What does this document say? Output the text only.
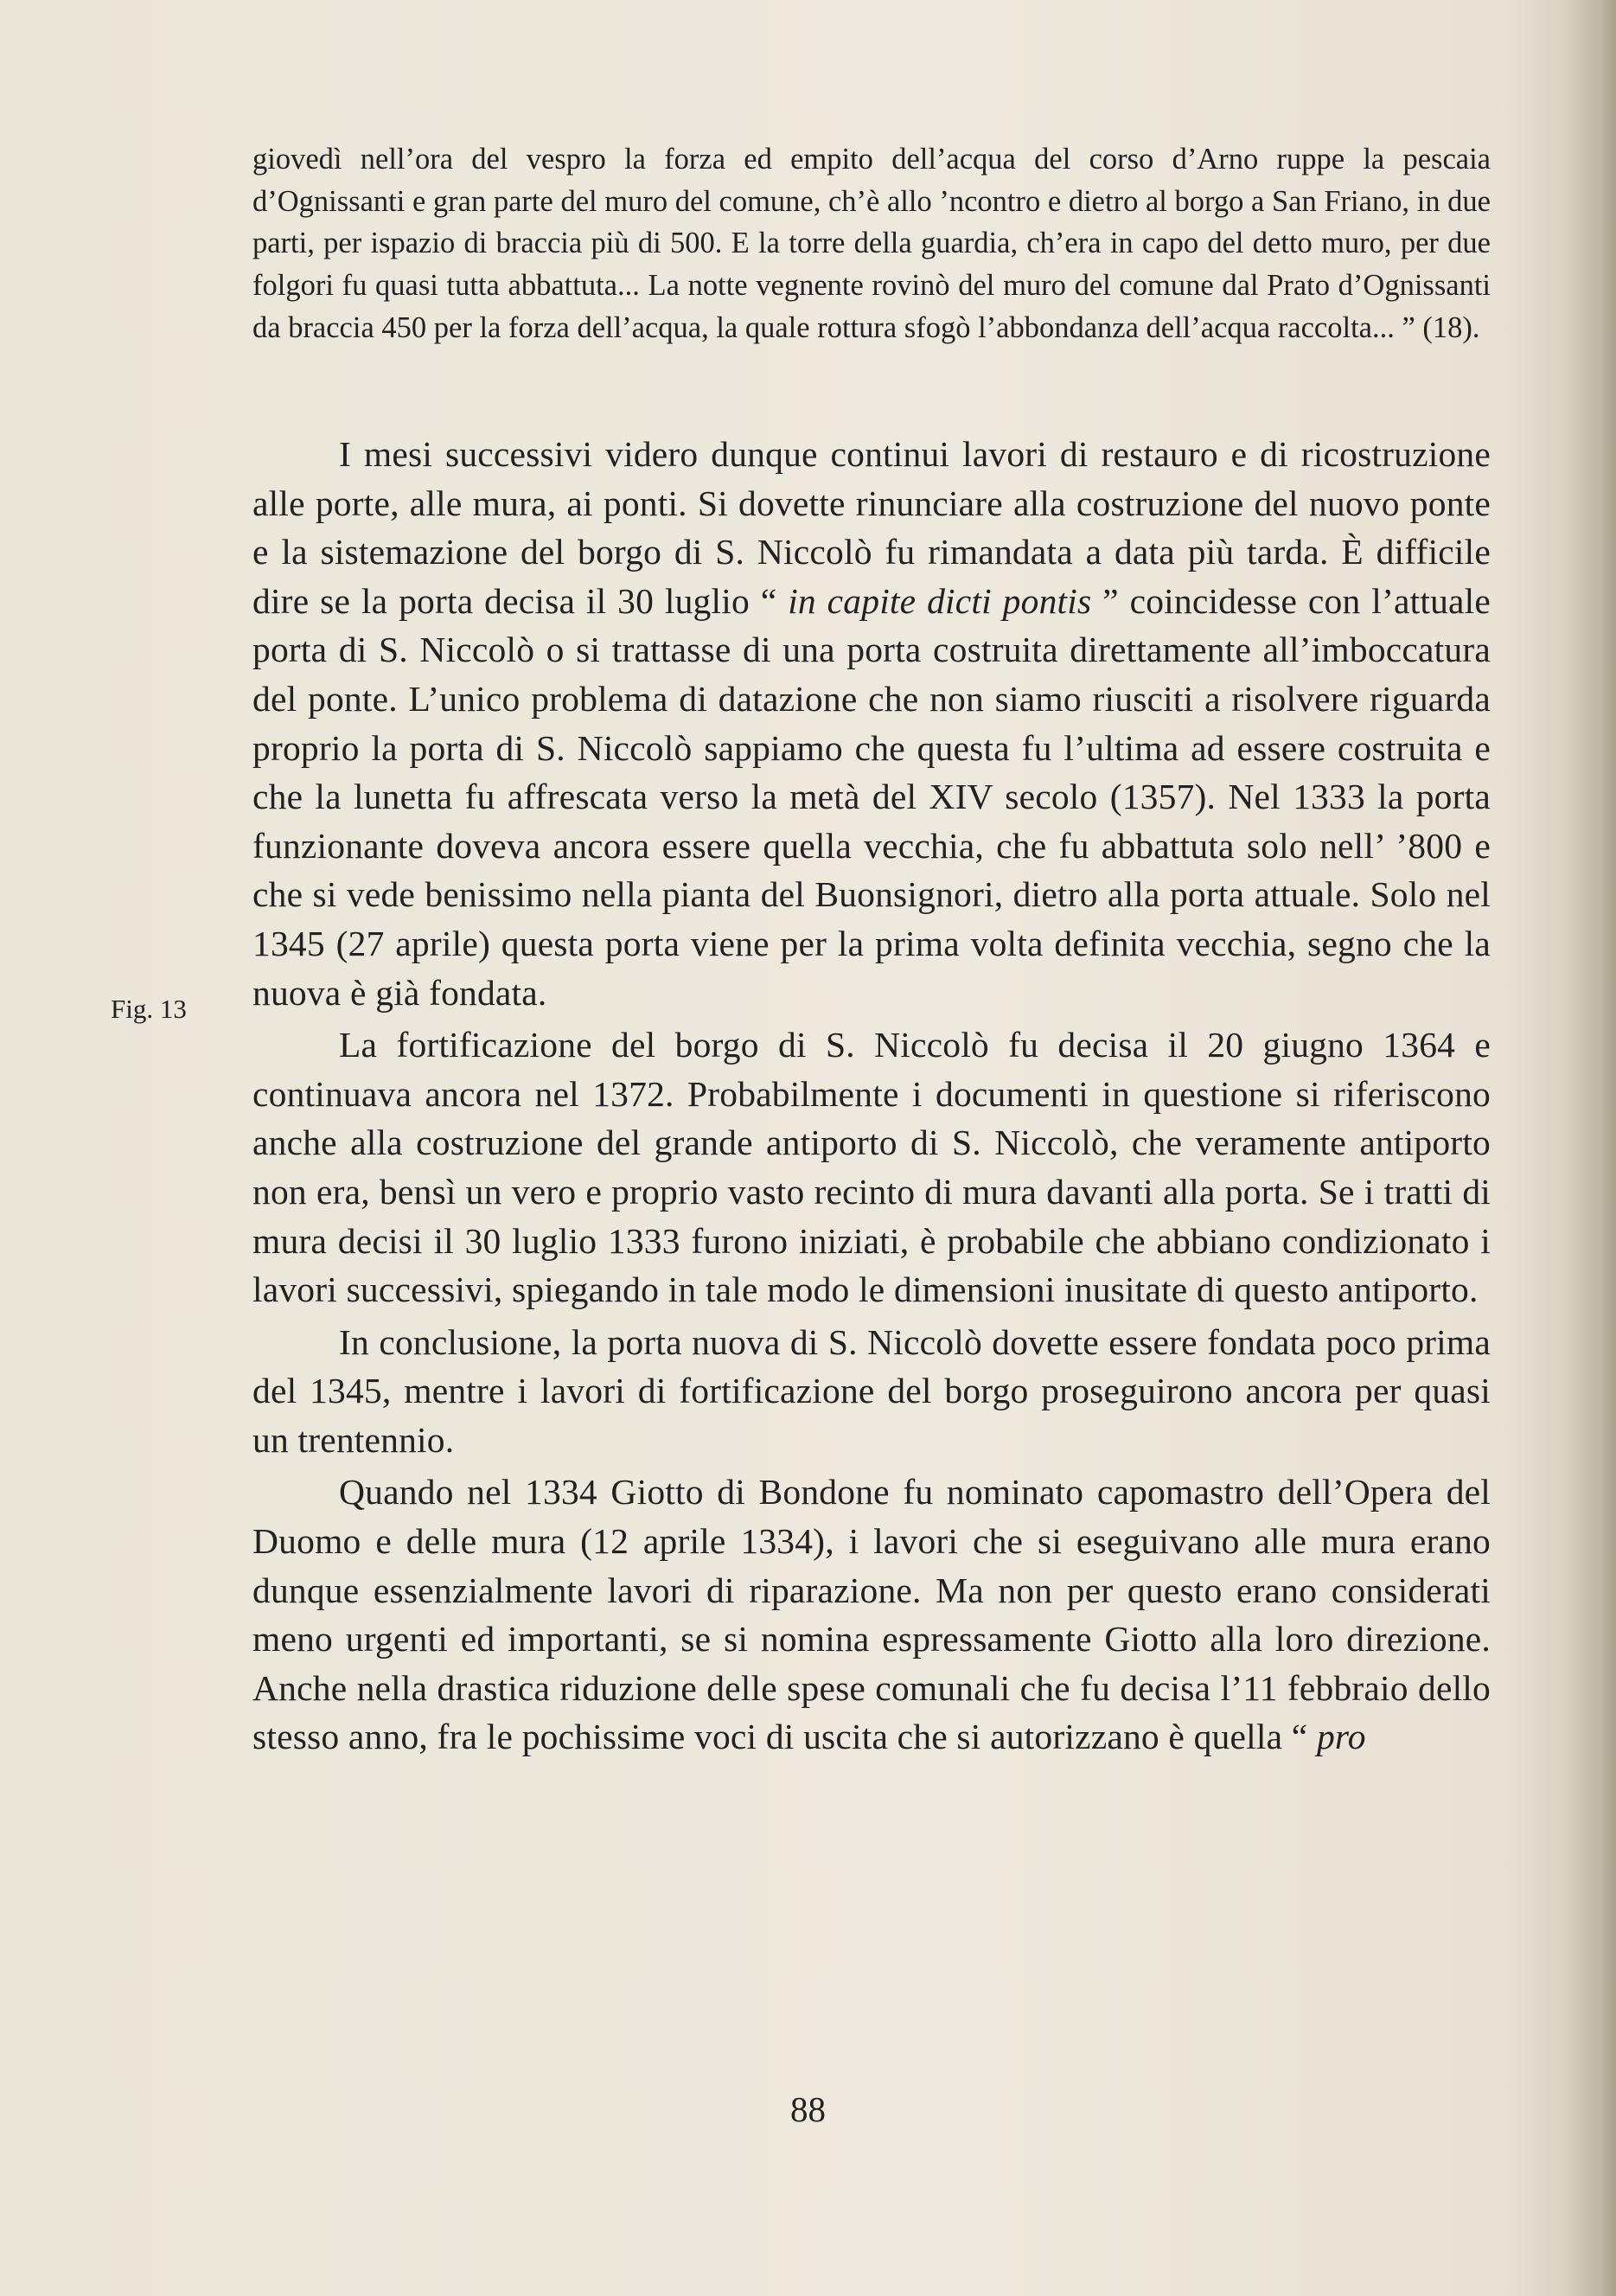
giovedì nell’ora del vespro la forza ed empito dell’acqua del corso d’Arno ruppe la pescaia d’Ognissanti e gran parte del muro del comune, ch’è allo ’ncontro e dietro al borgo a San Friano, in due parti, per ispazio di braccia più di 500. E la torre della guardia, ch’era in capo del detto muro, per due folgori fu quasi tutta abbattuta... La notte vegnente rovinò del muro del comune dal Prato d’Ognissanti da braccia 450 per la forza dell’acqua, la quale rottura sfogò l’abbondanza dell’acqua raccolta... ” (18).

Fig. 13

I mesi successivi videro dunque continui lavori di restauro e di ricostruzione alle porte, alle mura, ai ponti. Si dovette rinunciare alla costruzione del nuovo ponte e la sistemazione del borgo di S. Niccolò fu rimandata a data più tarda. È difficile dire se la porta decisa il 30 luglio “ in capite dicti pontis ” coincidesse con l’attuale porta di S. Niccolò o si trattasse di una porta costruita direttamente all’imboccatura del ponte. L’unico problema di datazione che non siamo riusciti a risolvere riguarda proprio la porta di S. Niccolò sappiamo che questa fu l’ultima ad essere costruita e che la lunetta fu affrescata verso la metà del XIV secolo (1357). Nel 1333 la porta funzionante doveva ancora essere quella vecchia, che fu abbattuta solo nell’ ’800 e che si vede benissimo nella pianta del Buonsignori, dietro alla porta attuale. Solo nel 1345 (27 aprile) questa porta viene per la prima volta definita vecchia, segno che la nuova è già fondata.

La fortificazione del borgo di S. Niccolò fu decisa il 20 giugno 1364 e continuava ancora nel 1372. Probabilmente i documenti in questione si riferiscono anche alla costruzione del grande antiporto di S. Niccolò, che veramente antiporto non era, bensì un vero e proprio vasto recinto di mura davanti alla porta. Se i tratti di mura decisi il 30 luglio 1333 furono iniziati, è probabile che abbiano condizionato i lavori successivi, spiegando in tale modo le dimensioni inusitate di questo antiporto.

In conclusione, la porta nuova di S. Niccolò dovette essere fondata poco prima del 1345, mentre i lavori di fortificazione del borgo proseguirono ancora per quasi un trentennio.

Quando nel 1334 Giotto di Bondone fu nominato capomastro dell’Opera del Duomo e delle mura (12 aprile 1334), i lavori che si eseguivano alle mura erano dunque essenzialmente lavori di riparazione. Ma non per questo erano considerati meno urgenti ed importanti, se si nomina espressamente Giotto alla loro direzione. Anche nella drastica riduzione delle spese comunali che fu decisa l’11 febbraio dello stesso anno, fra le pochissime voci di uscita che si autorizzano è quella “ pro

88
